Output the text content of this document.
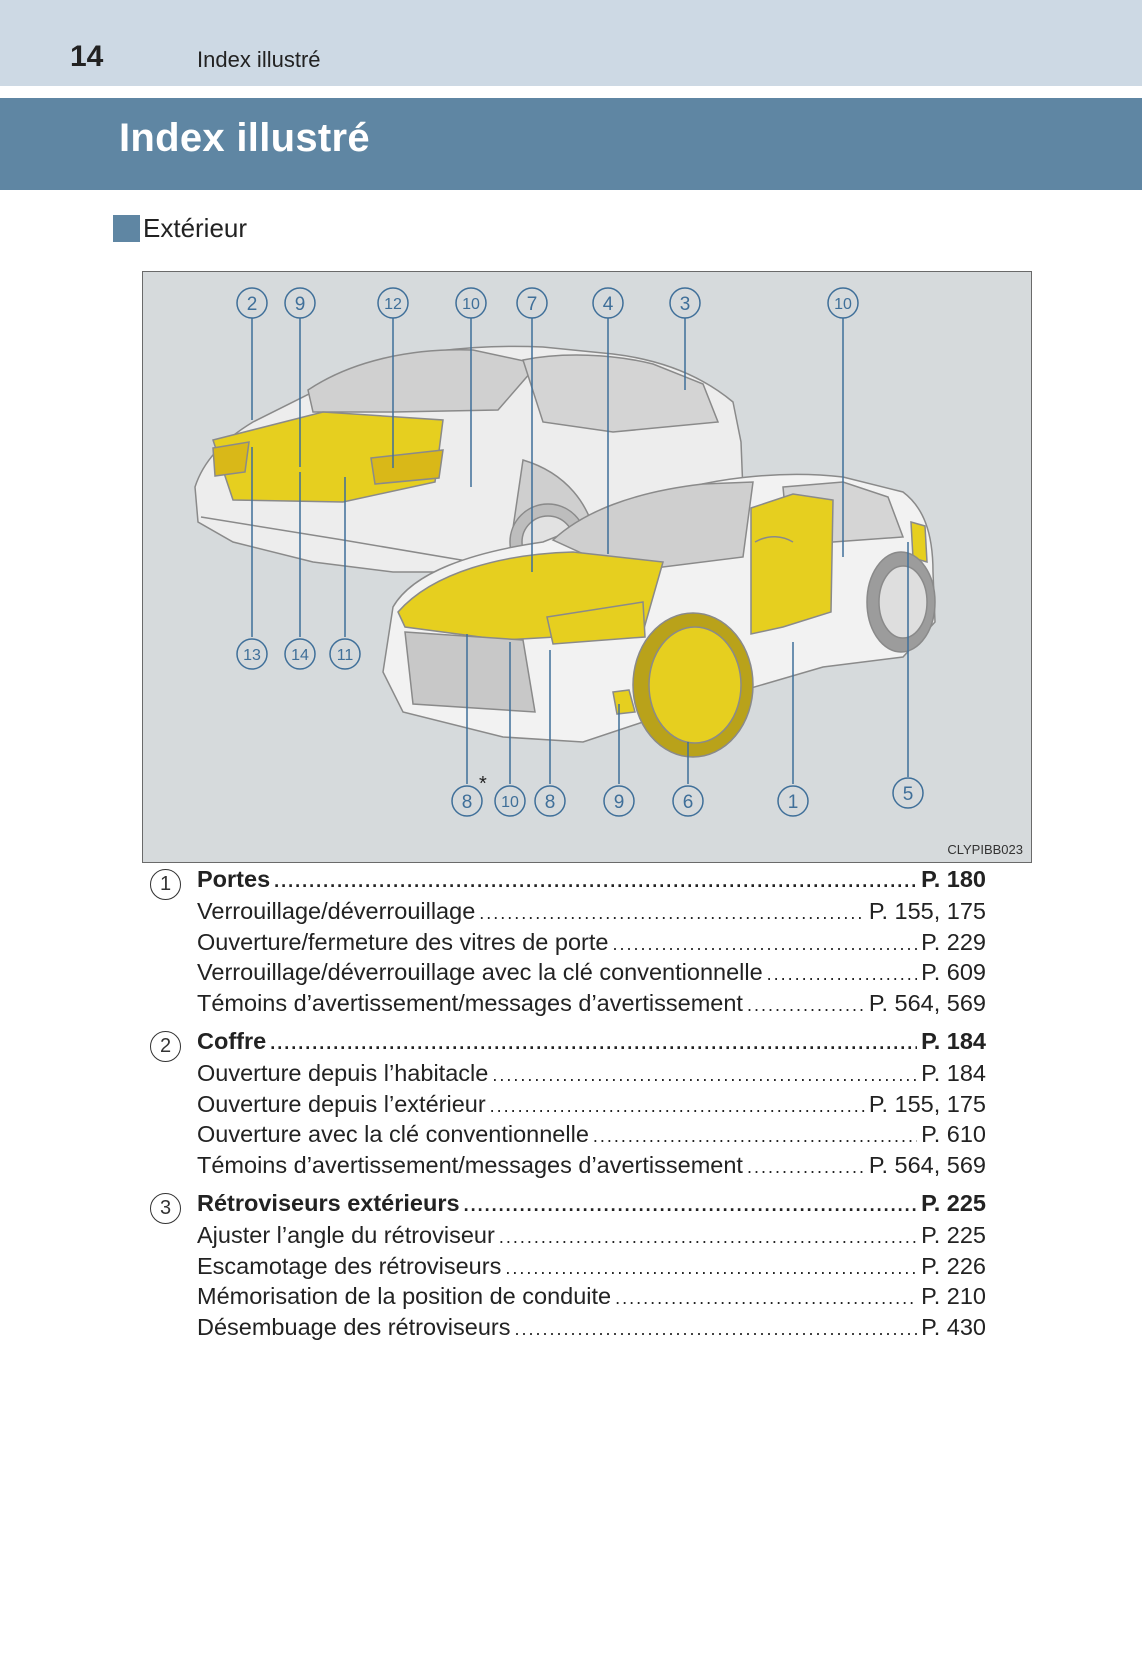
14	Index illustré
Index illustré
Extérieur
2 9	12	10 7	4	3	10
13 14 11
8 10 8	9	6	1	5
*
CLYPIBB023
1	Portes .....	P. 180
Verrouillage/déverrouillage .....	P. 155, 175
Ouverture/fermeture des vitres de porte .....	P. 229
Verrouillage/déverrouillage avec la clé conventionnelle .....	P. 609
Témoins d’avertissement/messages d’avertissement .....	P. 564, 569
2	Coffre .....	P. 184
Ouverture depuis l’habitacle .....	P. 184
Ouverture depuis l’extérieur .....	P. 155, 175
Ouverture avec la clé conventionnelle .....	P. 610
Témoins d’avertissement/messages d’avertissement .....	P. 564, 569
3	Rétroviseurs extérieurs .....	P. 225
Ajuster l’angle du rétroviseur .....	P. 225
Escamotage des rétroviseurs .....	P. 226
Mémorisation de la position de conduite .....	P. 210
Désembuage des rétroviseurs .....	P. 430
